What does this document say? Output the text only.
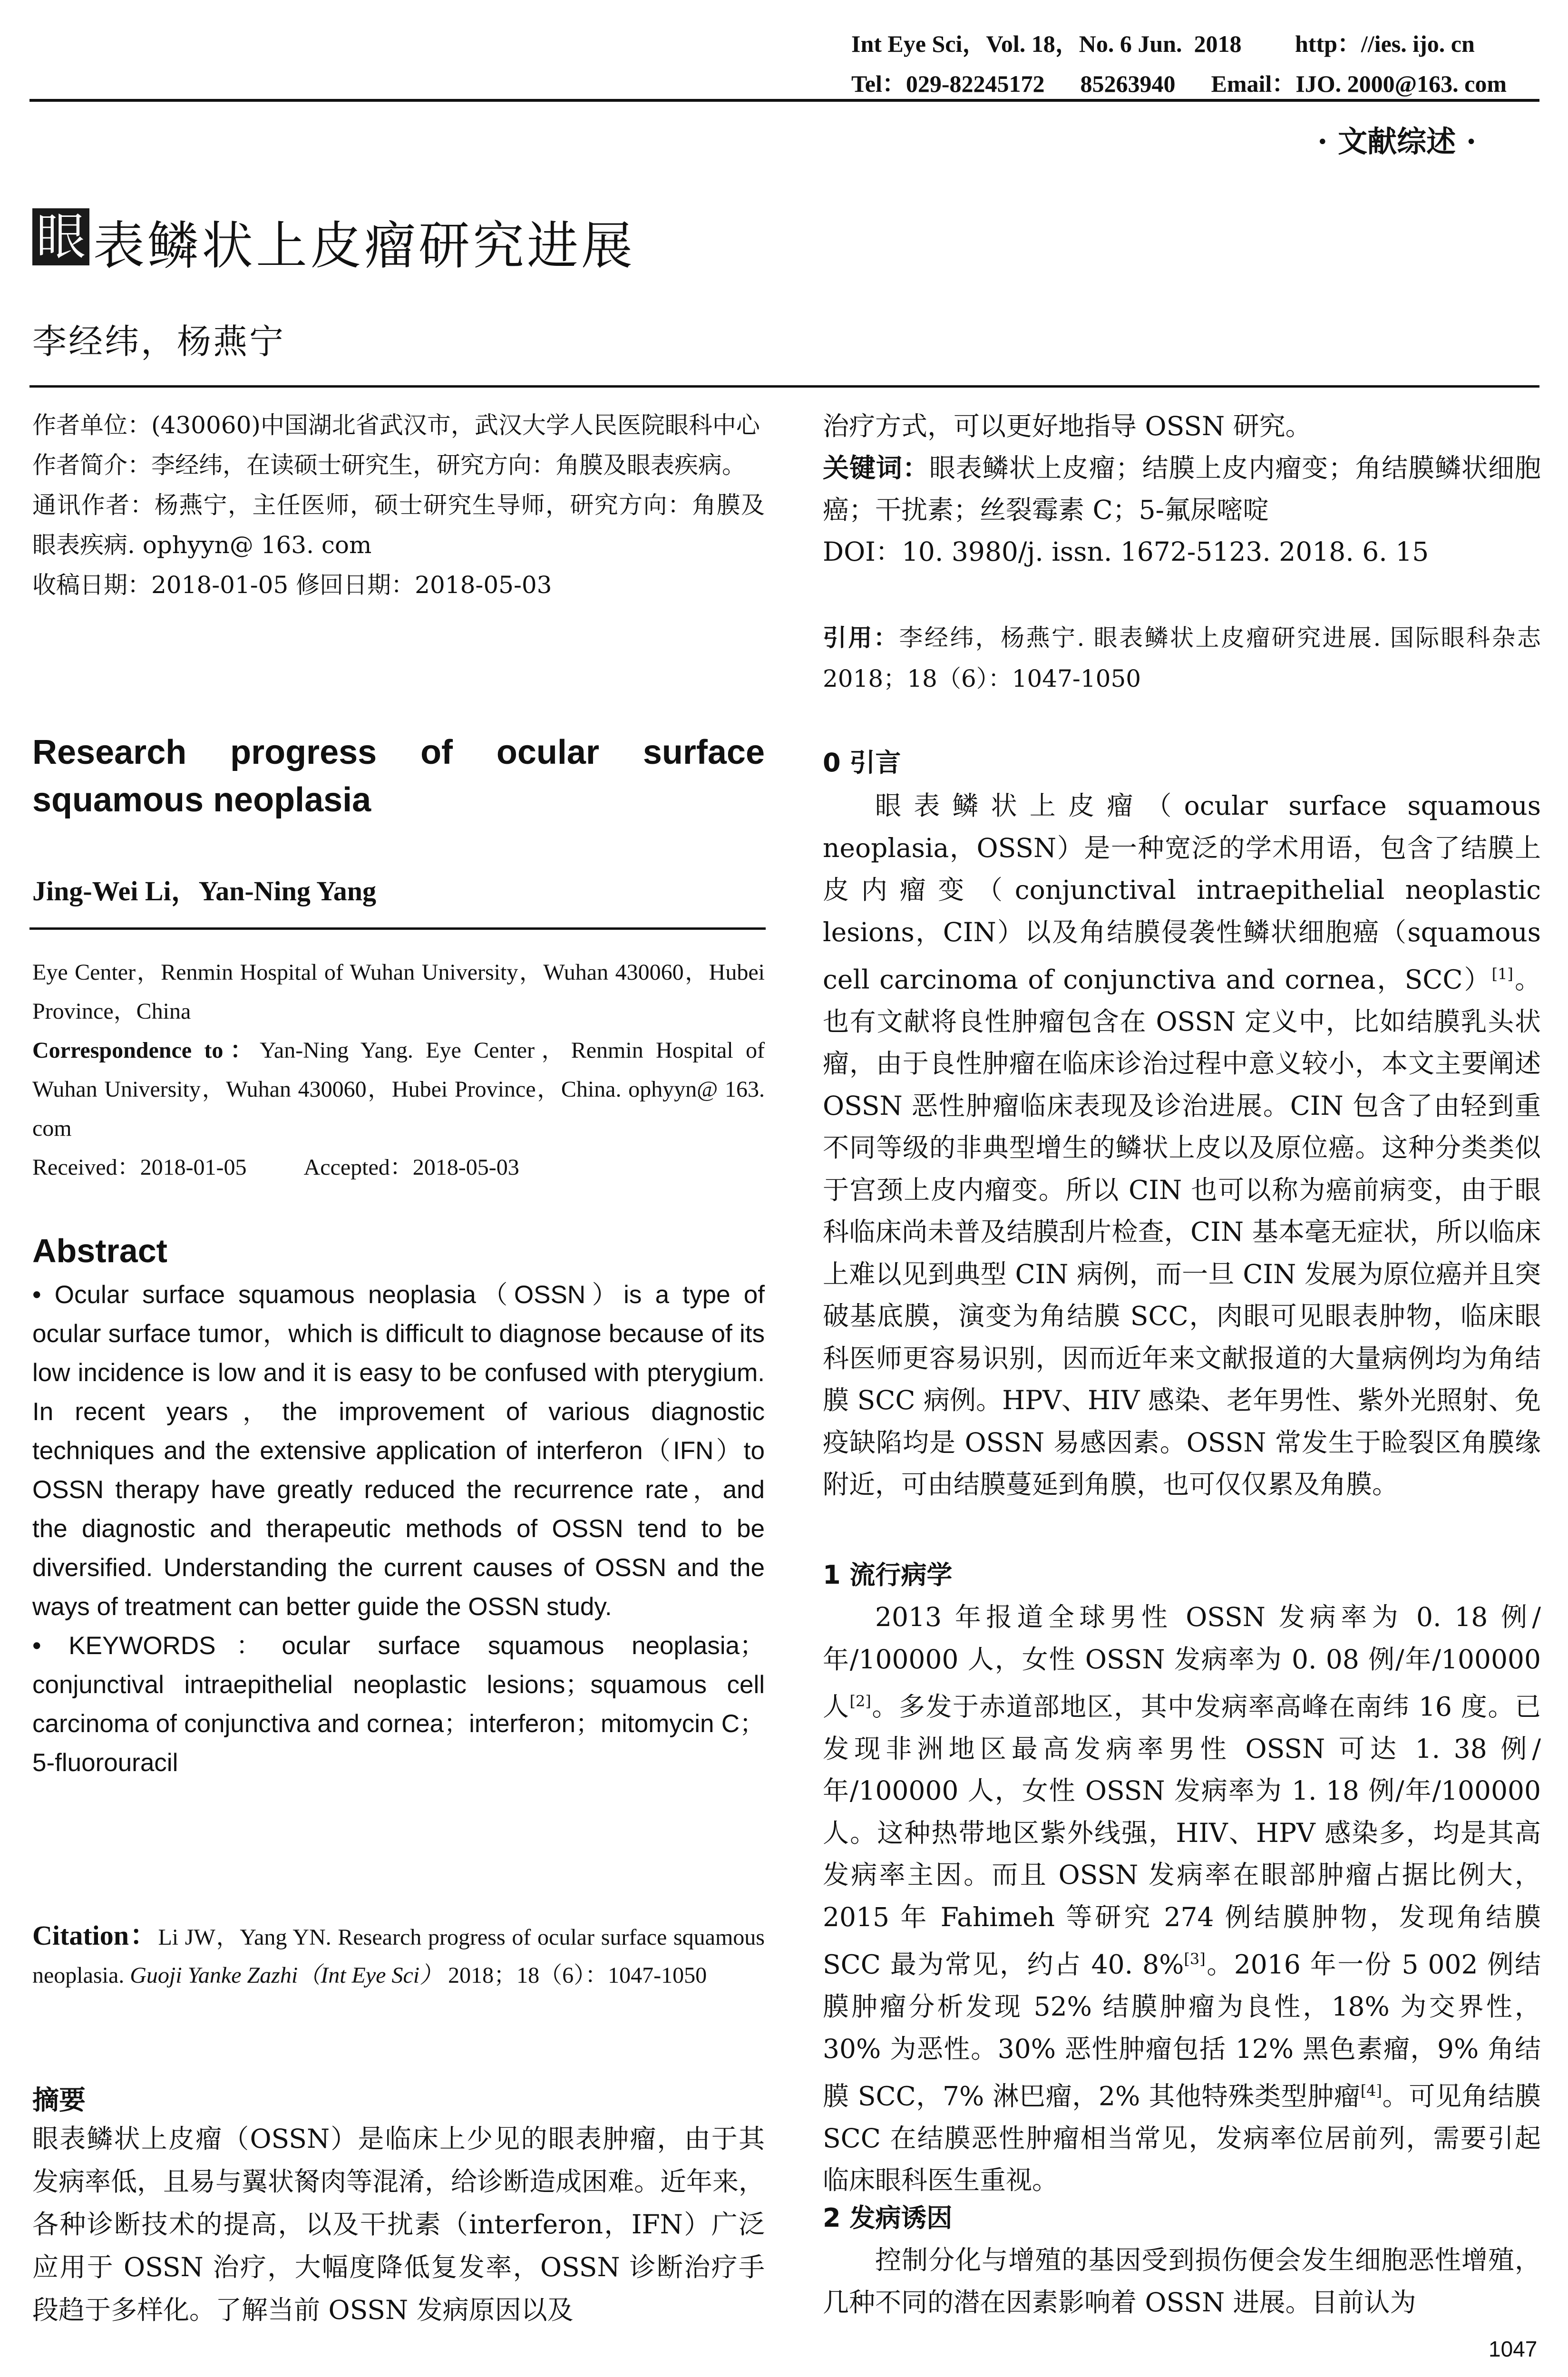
Int Eye Sci，Vol. 18，No. 6 Jun.  2018         http：//ies. ijo. cn
Tel：029-82245172      85263940      Email：IJO. 2000@163. com
· 文献综述 ·
眼 表鳞状上皮瘤研究进展
李经纬，杨燕宁

作者单位：(430060)中国湖北省武汉市，武汉大学人民医院眼科中心

作者简介：李经纬，在读硕士研究生，研究方向：角膜及眼表疾病。

通讯作者：杨燕宁，主任医师，硕士研究生导师，研究方向：角膜及眼表疾病. ophyyn@ 163. com

收稿日期：2018-01-05 修回日期：2018-05-03

Research progress of ocular surface squamous neoplasia
Jing-Wei Li，Yan-Ning Yang
Eye Center，Renmin Hospital of Wuhan University，Wuhan 430060，Hubei Province，China
Correspondence to：Yan-Ning Yang. Eye Center，Renmin Hospital of Wuhan University，Wuhan 430060，Hubei Province，China. ophyyn@ 163. com
Received：2018-01-05	Accepted：2018-05-03
Abstract
• Ocular surface squamous neoplasia（OSSN）is a type of ocular surface tumor，which is difficult to diagnose because of its low incidence is low and it is easy to be confused with pterygium. In recent years，the improvement of various diagnostic techniques and the extensive application of interferon（IFN）to OSSN therapy have greatly reduced the recurrence rate，and the diagnostic and therapeutic methods of OSSN tend to be diversified. Understanding the current causes of OSSN and the ways of treatment can better guide the OSSN study.
• KEYWORDS：ocular surface squamous neoplasia；conjunctival intraepithelial neoplastic lesions；squamous cell carcinoma of conjunctiva and cornea；interferon；mitomycin C；5-fluorouracil
Citation：Li JW，Yang YN. Research progress of ocular surface squamous neoplasia. Guoji Yanke Zazhi（Int Eye Sci） 2018；18（6）：1047-1050
摘要
眼表鳞状上皮瘤（OSSN）是临床上少见的眼表肿瘤，由于其发病率低，且易与翼状胬肉等混淆，给诊断造成困难。近年来，各种诊断技术的提高，以及干扰素（interferon，IFN）广泛应用于 OSSN 治疗，大幅度降低复发率，OSSN 诊断治疗手段趋于多样化。了解当前 OSSN 发病原因以及
治疗方式，可以更好地指导 OSSN 研究。
关键词：眼表鳞状上皮瘤；结膜上皮内瘤变；角结膜鳞状细胞癌；干扰素；丝裂霉素 C；5-氟尿嘧啶
DOI：10. 3980/j. issn. 1672-5123. 2018. 6. 15
引用：李经纬，杨燕宁. 眼表鳞状上皮瘤研究进展. 国际眼科杂志 2018；18（6）：1047-1050
0 引言

眼表鳞状上皮瘤（ocular surface squamous neoplasia，OSSN）是一种宽泛的学术用语，包含了结膜上皮内瘤变（conjunctival intraepithelial neoplastic lesions，CIN）以及角结膜侵袭性鳞状细胞癌（squamous cell carcinoma of conjunctiva and cornea，SCC）[1]。也有文献将良性肿瘤包含在 OSSN 定义中，比如结膜乳头状瘤，由于良性肿瘤在临床诊治过程中意义较小，本文主要阐述 OSSN 恶性肿瘤临床表现及诊治进展。CIN 包含了由轻到重不同等级的非典型增生的鳞状上皮以及原位癌。这种分类类似于宫颈上皮内瘤变。所以 CIN 也可以称为癌前病变，由于眼科临床尚未普及结膜刮片检查，CIN 基本毫无症状，所以临床上难以见到典型 CIN 病例，而一旦 CIN 发展为原位癌并且突破基底膜，演变为角结膜 SCC，肉眼可见眼表肿物，临床眼科医师更容易识别，因而近年来文献报道的大量病例均为角结膜 SCC 病例。HPV、HIV 感染、老年男性、紫外光照射、免疫缺陷均是 OSSN 易感因素。OSSN 常发生于睑裂区角膜缘附近，可由结膜蔓延到角膜，也可仅仅累及角膜。

1 流行病学

2013 年报道全球男性 OSSN 发病率为 0. 18 例/年/100000 人，女性 OSSN 发病率为 0. 08 例/年/100000 人[2]。多发于赤道部地区，其中发病率高峰在南纬 16 度。已发现非洲地区最高发病率男性 OSSN 可达 1. 38 例/年/100000 人，女性 OSSN 发病率为 1. 18 例/年/100000 人。这种热带地区紫外线强，HIV、HPV 感染多，均是其高发病率主因。而且 OSSN 发病率在眼部肿瘤占据比例大，2015 年 Fahimeh 等研究 274 例结膜肿物，发现角结膜 SCC 最为常见，约占 40. 8%[3]。2016 年一份 5 002 例结膜肿瘤分析发现 52% 结膜肿瘤为良性，18% 为交界性，30% 为恶性。30% 恶性肿瘤包括 12% 黑色素瘤，9% 角结膜 SCC，7% 淋巴瘤，2% 其他特殊类型肿瘤[4]。可见角结膜 SCC 在结膜恶性肿瘤相当常见，发病率位居前列，需要引起临床眼科医生重视。

2 发病诱因

控制分化与增殖的基因受到损伤便会发生细胞恶性增殖，几种不同的潜在因素影响着 OSSN 进展。目前认为

1047
